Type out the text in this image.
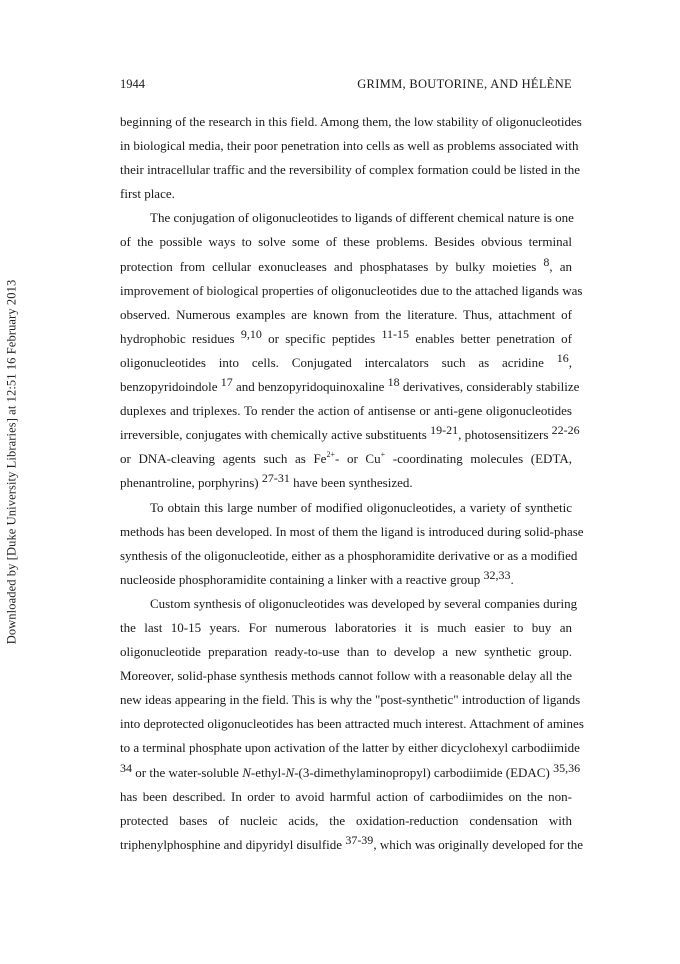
Downloaded by [Duke University Libraries] at 12:51 16 February 2013
1944	GRIMM, BOUTORINE, AND HÉLÈNE

beginning of the research in this field. Among them, the low stability of oligonucleotides
in biological media, their poor penetration into cells as well as problems associated with
their intracellular traffic and the reversibility of complex formation could be listed in the
first place.

The conjugation of oligonucleotides to ligands of different chemical nature is one
of the possible ways to solve some of these problems. Besides obvious terminal
protection from cellular exonucleases and phosphatases by bulky moieties 8, an
improvement of biological properties of oligonucleotides due to the attached ligands was
observed. Numerous examples are known from the literature. Thus, attachment of
hydrophobic residues 9,10 or specific peptides 11-15 enables better penetration of
oligonucleotides into cells. Conjugated intercalators such as acridine 16,
benzopyridoindole 17 and benzopyridoquinoxaline 18 derivatives, considerably stabilize
duplexes and triplexes. To render the action of antisense or anti-gene oligonucleotides
irreversible, conjugates with chemically active substituents 19-21, photosensitizers 22-26
or DNA-cleaving agents such as $Fe^{2+}-$ or Cu+ -coordinating molecules (EDTA,
phenantroline, porphyrins) 27-31 have been synthesized.

To obtain this large number of modified oligonucleotides, a variety of synthetic
methods has been developed. In most of them the ligand is introduced during solid-phase
synthesis of the oligonucleotide, either as a phosphoramidite derivative or as a modified
nucleoside phosphoramidite containing a linker with a reactive group 32,33.

Custom synthesis of oligonucleotides was developed by several companies during
the last 10-15 years. For numerous laboratories it is much easier to buy an
oligonucleotide preparation ready-to-use than to develop a new synthetic group.
Moreover, solid-phase synthesis methods cannot follow with a reasonable delay all the
new ideas appearing in the field. This is why the "post-synthetic" introduction of ligands
into deprotected oligonucleotides has been attracted much interest. Attachment of amines
to a terminal phosphate upon activation of the latter by either dicyclohexyl carbodiimide
34 or the water-soluble N-ethyl-N-(3-dimethylaminopropyl) carbodiimide (EDAC) 35,36
has been described. In order to avoid harmful action of carbodiimides on the non-
protected bases of nucleic acids, the oxidation-reduction condensation with
triphenylphosphine and dipyridyl disulfide 37-39, which was originally developed for the
